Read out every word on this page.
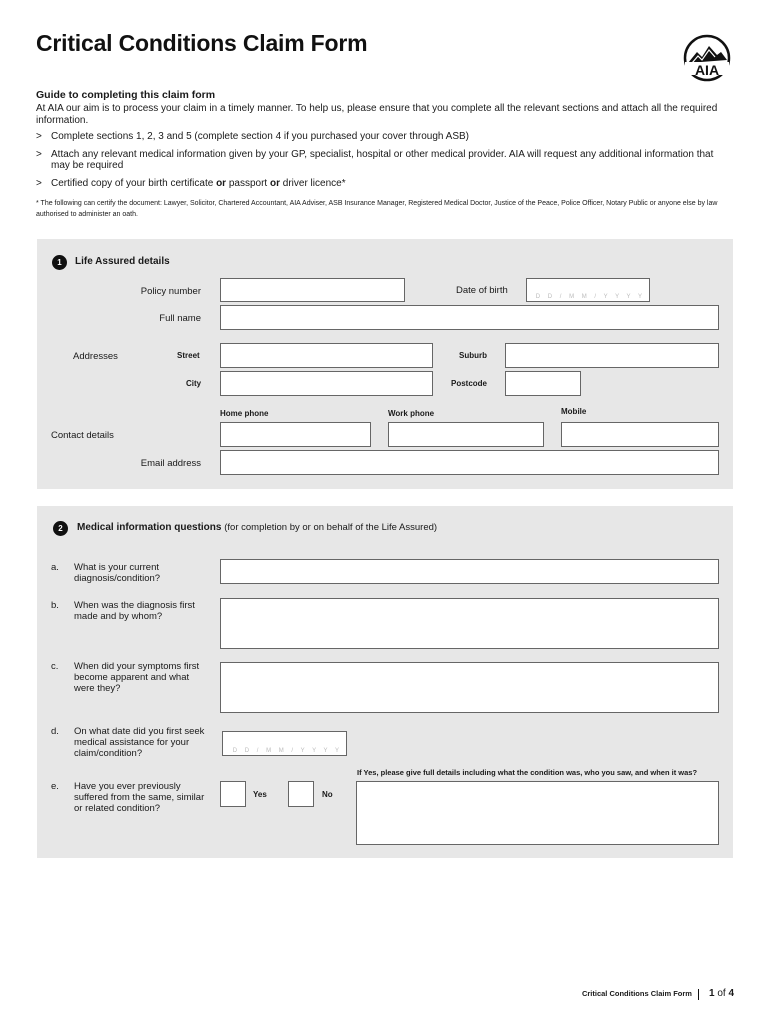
Critical Conditions Claim Form
AIA
Guide to completing this claim form
At AIA our aim is to process your claim in a timely manner. To help us, please ensure that you complete all the relevant sections and attach all the required information.
> Complete sections 1, 2, 3 and 5 (complete section 4 if you purchased your cover through ASB)
> Attach any relevant medical information given by your GP, specialist, hospital or other medical provider. AIA will request any additional information that may be required
> Certified copy of your birth certificate or passport or driver licence*
* The following can certify the document: Lawyer, Solicitor, Chartered Accountant, AIA Adviser, ASB Insurance Manager, Registered Medical Doctor, Justice of the Peace, Police Officer, Notary Public or anyone else by law authorised to administer an oath.
1	Life Assured details
Policy number	Date of birth
D D / M M / Y Y Y Y
Full name
Addresses	Street	Suburb
City	Postcode
Home phone	Work phone	Mobile
Contact details
Email address
2	Medical information questions (for completion by or on behalf of the Life Assured)
a. What is your current diagnosis/condition?
b. When was the diagnosis first made and by whom?
c. When did your symptoms first become apparent and what were they?
d. On what date did you first seek medical assistance for your claim/condition?	D D / M M / Y Y Y Y
If Yes, please give full details including what the condition was, who you saw, and when it was?
e. Have you ever previously suffered from the same, similar or related condition?
Yes	No
Critical Conditions Claim Form 1 of 4
